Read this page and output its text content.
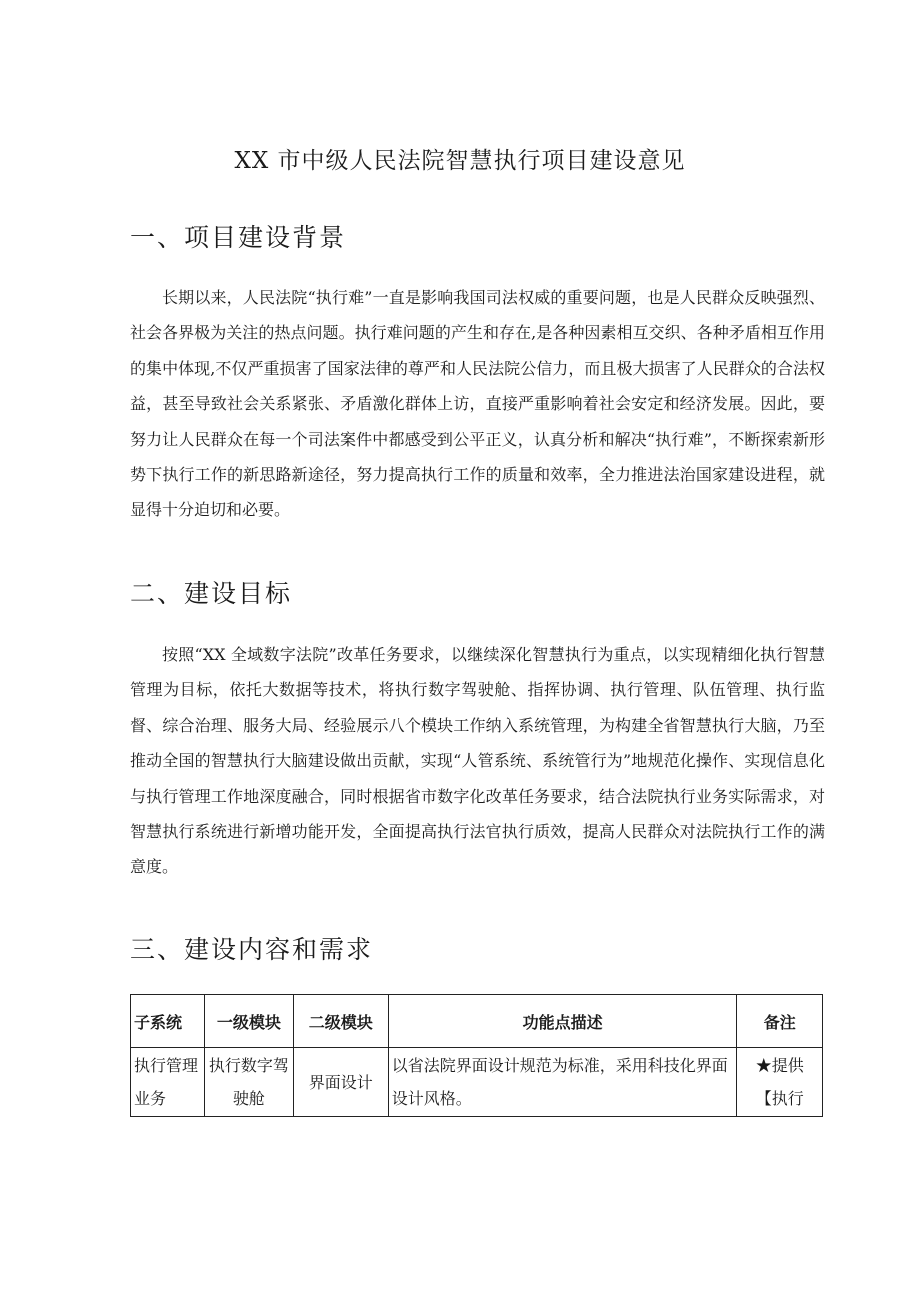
XX 市中级人民法院智慧执行项目建设意见
一、项目建设背景

长期以来，人民法院“执行难”一直是影响我国司法权威的重要问题，也是人民群众反映强烈、社会各界极为关注的热点问题。执行难问题的产生和存在,是各种因素相互交织、各种矛盾相互作用的集中体现,不仅严重损害了国家法律的尊严和人民法院公信力，而且极大损害了人民群众的合法权益，甚至导致社会关系紧张、矛盾激化群体上访，直接严重影响着社会安定和经济发展。因此，要努力让人民群众在每一个司法案件中都感受到公平正义，认真分析和解决“执行难”，不断探索新形势下执行工作的新思路新途径，努力提高执行工作的质量和效率，全力推进法治国家建设进程，就显得十分迫切和必要。

二、建设目标

按照“XX 全域数字法院”改革任务要求，以继续深化智慧执行为重点，以实现精细化执行智慧管理为目标，依托大数据等技术，将执行数字驾驶舱、指挥协调、执行管理、队伍管理、执行监督、综合治理、服务大局、经验展示八个模块工作纳入系统管理，为构建全省智慧执行大脑，乃至推动全国的智慧执行大脑建设做出贡献，实现“人管系统、系统管行为”地规范化操作、实现信息化与执行管理工作地深度融合，同时根据省市数字化改革任务要求，结合法院执行业务实际需求，对智慧执行系统进行新增功能开发，全面提高执行法官执行质效，提高人民群众对法院执行工作的满意度。

三、建设内容和需求
子系统	一级模块	二级模块	功能点描述	备注
执行管理业务	执行数字驾驶舱	界面设计	以省法院界面设计规范为标准，采用科技化界面设计风格。	★提供【执行
